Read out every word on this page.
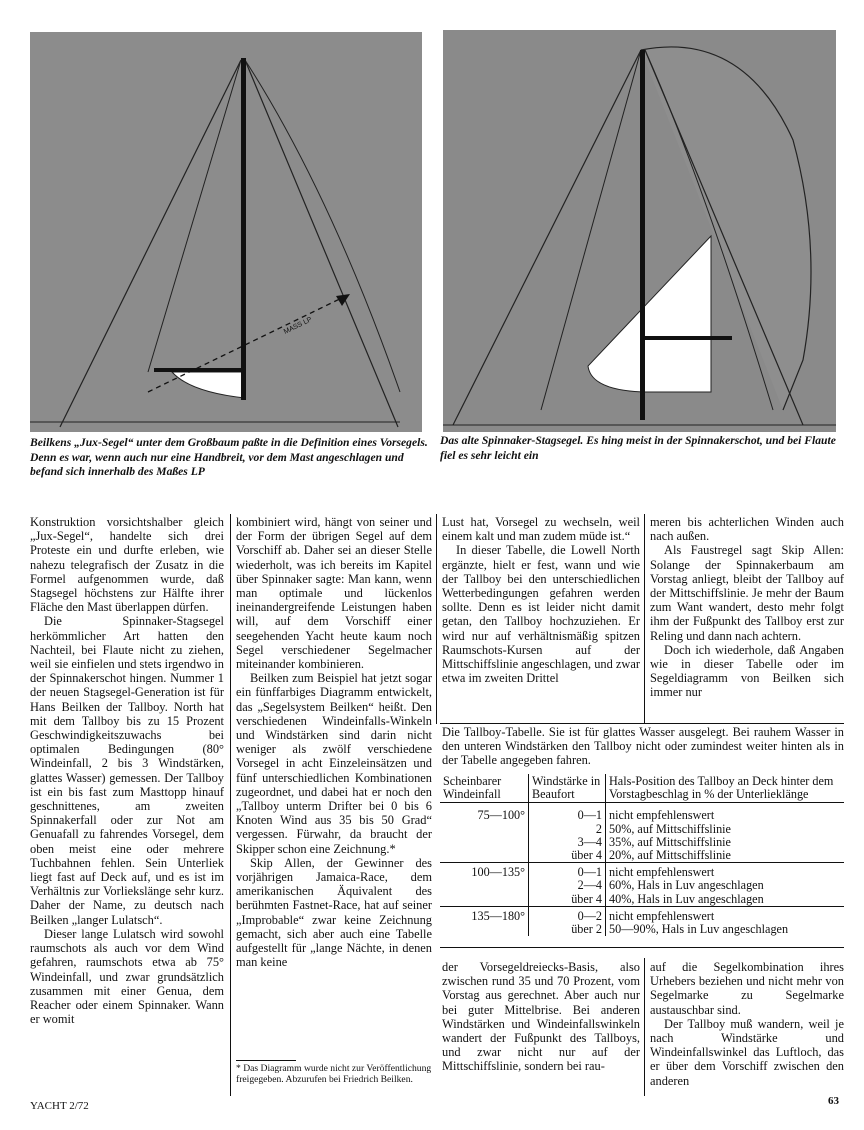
MASS LP
Beilkens „Jux-Segel“ unter dem Großbaum paßte in die Definition eines Vorsegels. Denn es war, wenn auch nur eine Handbreit, vor dem Mast angeschlagen und befand sich innerhalb des Maßes LP
Das alte Spinnaker-Stagsegel. Es hing meist in der Spinnakerschot, und bei Flaute fiel es sehr leicht ein

Konstruktion vorsichtshalber gleich „Jux-Segel“, handelte sich drei Proteste ein und durfte erleben, wie nahezu telegrafisch der Zusatz in die Formel aufgenommen wurde, daß Stagsegel höchstens zur Hälfte ihrer Fläche den Mast überlappen dürfen.

Die Spinnaker-Stagsegel herkömmlicher Art hatten den Nachteil, bei Flaute nicht zu ziehen, weil sie einfielen und stets irgendwo in der Spinnakerschot hingen. Nummer 1 der neuen Stagsegel-Generation ist für Hans Beilken der Tallboy. North hat mit dem Tallboy bis zu 15 Prozent Geschwindigkeitszuwachs bei optimalen Bedingungen (80° Windeinfall, 2 bis 3 Windstärken, glattes Wasser) gemessen. Der Tallboy ist ein bis fast zum Masttopp hinauf geschnittenes, am zweiten Spinnakerfall oder zur Not am Genuafall zu fahrendes Vorsegel, dem oben meist eine oder mehrere Tuchbahnen fehlen. Sein Unterliek liegt fast auf Deck auf, und es ist im Verhältnis zur Vorliekslänge sehr kurz. Daher der Name, zu deutsch nach Beilken „langer Lulatsch“.

Dieser lange Lulatsch wird sowohl raumschots als auch vor dem Wind gefahren, raumschots etwa ab 75° Windeinfall, und zwar grundsätzlich zusammen mit einer Genua, dem Reacher oder einem Spinnaker. Wann er womit

kombiniert wird, hängt von seiner und der Form der übrigen Segel auf dem Vorschiff ab. Daher sei an dieser Stelle wiederholt, was ich bereits im Kapitel über Spinnaker sagte: Man kann, wenn man optimale und lückenlos ineinandergreifende Leistungen haben will, auf dem Vorschiff einer seegehenden Yacht heute kaum noch Segel verschiedener Segelmacher miteinander kombinieren.

Beilken zum Beispiel hat jetzt sogar ein fünffarbiges Diagramm entwickelt, das „Segelsystem Beilken“ heißt. Den verschiedenen Windeinfalls-Winkeln und Windstärken sind darin nicht weniger als zwölf verschiedene Vorsegel in acht Einzeleinsätzen und fünf unterschiedlichen Kombinationen zugeordnet, und dabei hat er noch den „Tallboy unterm Drifter bei 0 bis 6 Knoten Wind aus 35 bis 50 Grad“ vergessen. Fürwahr, da braucht der Skipper schon eine Zeichnung.*

Skip Allen, der Gewinner des vorjährigen Jamaica-Race, dem amerikanischen Äquivalent des berühmten Fastnet-Race, hat auf seiner „Improbable“ zwar keine Zeichnung gemacht, sich aber auch eine Tabelle aufgestellt für „lange Nächte, in denen man keine

* Das Diagramm wurde nicht zur Veröffentlichung freigegeben. Abzurufen bei Friedrich Beilken.

Lust hat, Vorsegel zu wechseln, weil einem kalt und man zudem müde ist.“

In dieser Tabelle, die Lowell North ergänzte, hielt er fest, wann und wie der Tallboy bei den unterschiedlichen Wetterbedingungen gefahren werden sollte. Denn es ist leider nicht damit getan, den Tallboy hochzuziehen. Er wird nur auf verhältnismäßig spitzen Raumschots-Kursen auf der Mittschiffslinie angeschlagen, und zwar etwa im zweiten Drittel

meren bis achterlichen Winden auch nach außen.

Als Faustregel sagt Skip Allen: Solange der Spinnakerbaum am Vorstag anliegt, bleibt der Tallboy auf der Mittschiffslinie. Je mehr der Baum zum Want wandert, desto mehr folgt ihm der Fußpunkt des Tallboy erst zur Reling und dann nach achtern.

Doch ich wiederhole, daß Angaben wie in dieser Tabelle oder im Segeldiagramm von Beilken sich immer nur

Die Tallboy-Tabelle. Sie ist für glattes Wasser ausgelegt. Bei rauhem Wasser in den unteren Windstärken den Tallboy nicht oder zumindest weiter hinten als in der Tabelle angegeben fahren.
Scheinbarer Windeinfall	Windstärke in Beaufort	Hals-Position des Tallboy an Deck hinter dem Vorstagbeschlag in % der Unterlieklänge
75—100°	0—1	nicht empfehlenswert
	2	50%, auf Mittschiffslinie
	3—4	35%, auf Mittschiffslinie
	über 4	20%, auf Mittschiffslinie
100—135°	0—1	nicht empfehlenswert
	2—4	60%, Hals in Luv angeschlagen
	über 4	40%, Hals in Luv angeschlagen
135—180°	0—2	nicht empfehlenswert
	über 2	50—90%, Hals in Luv angeschlagen

der Vorsegeldreiecks-Basis, also zwischen rund 35 und 70 Prozent, vom Vorstag aus gerechnet. Aber auch nur bei guter Mittelbrise. Bei anderen Windstärken und Windeinfallswinkeln wandert der Fußpunkt des Tallboys, und zwar nicht nur auf der Mittschiffslinie, sondern bei rau-

auf die Segelkombination ihres Urhebers beziehen und nicht mehr von Segelmarke zu Segelmarke austauschbar sind.

Der Tallboy muß wandern, weil je nach Windstärke und Windeinfallswinkel das Luftloch, das er über dem Vorschiff zwischen den anderen

YACHT 2/72	63
